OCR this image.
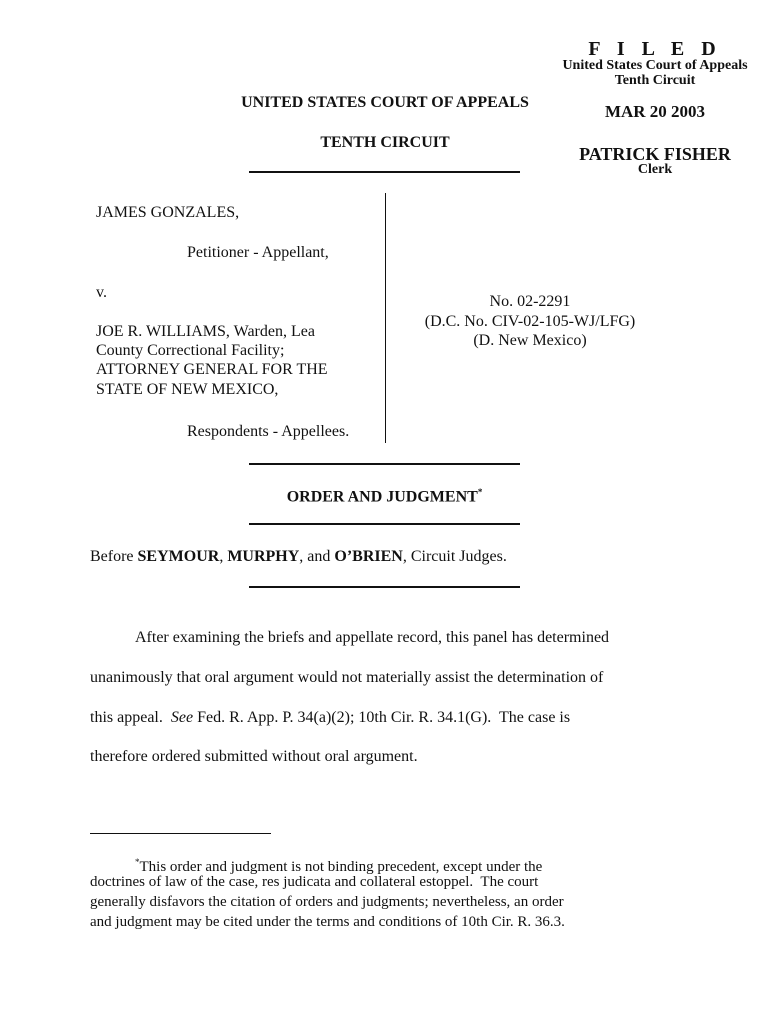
F I L E D
United States Court of Appeals
Tenth Circuit
MAR 20 2003
PATRICK FISHER
Clerk
UNITED STATES COURT OF APPEALS
TENTH CIRCUIT
JAMES GONZALES,
Petitioner - Appellant,
v.
JOE R. WILLIAMS, Warden, Lea
County Correctional Facility;
ATTORNEY GENERAL FOR THE
STATE OF NEW MEXICO,
Respondents - Appellees.
No. 02-2291
(D.C. No. CIV-02-105-WJ/LFG)
(D. New Mexico)
ORDER AND JUDGMENT*
Before SEYMOUR, MURPHY, and O’BRIEN, Circuit Judges.
After examining the briefs and appellate record, this panel has determined
unanimously that oral argument would not materially assist the determination of
this appeal.  See Fed. R. App. P. 34(a)(2); 10th Cir. R. 34.1(G).  The case is
therefore ordered submitted without oral argument.
*This order and judgment is not binding precedent, except under the
doctrines of law of the case, res judicata and collateral estoppel.  The court
generally disfavors the citation of orders and judgments; nevertheless, an order
and judgment may be cited under the terms and conditions of 10th Cir. R. 36.3.
